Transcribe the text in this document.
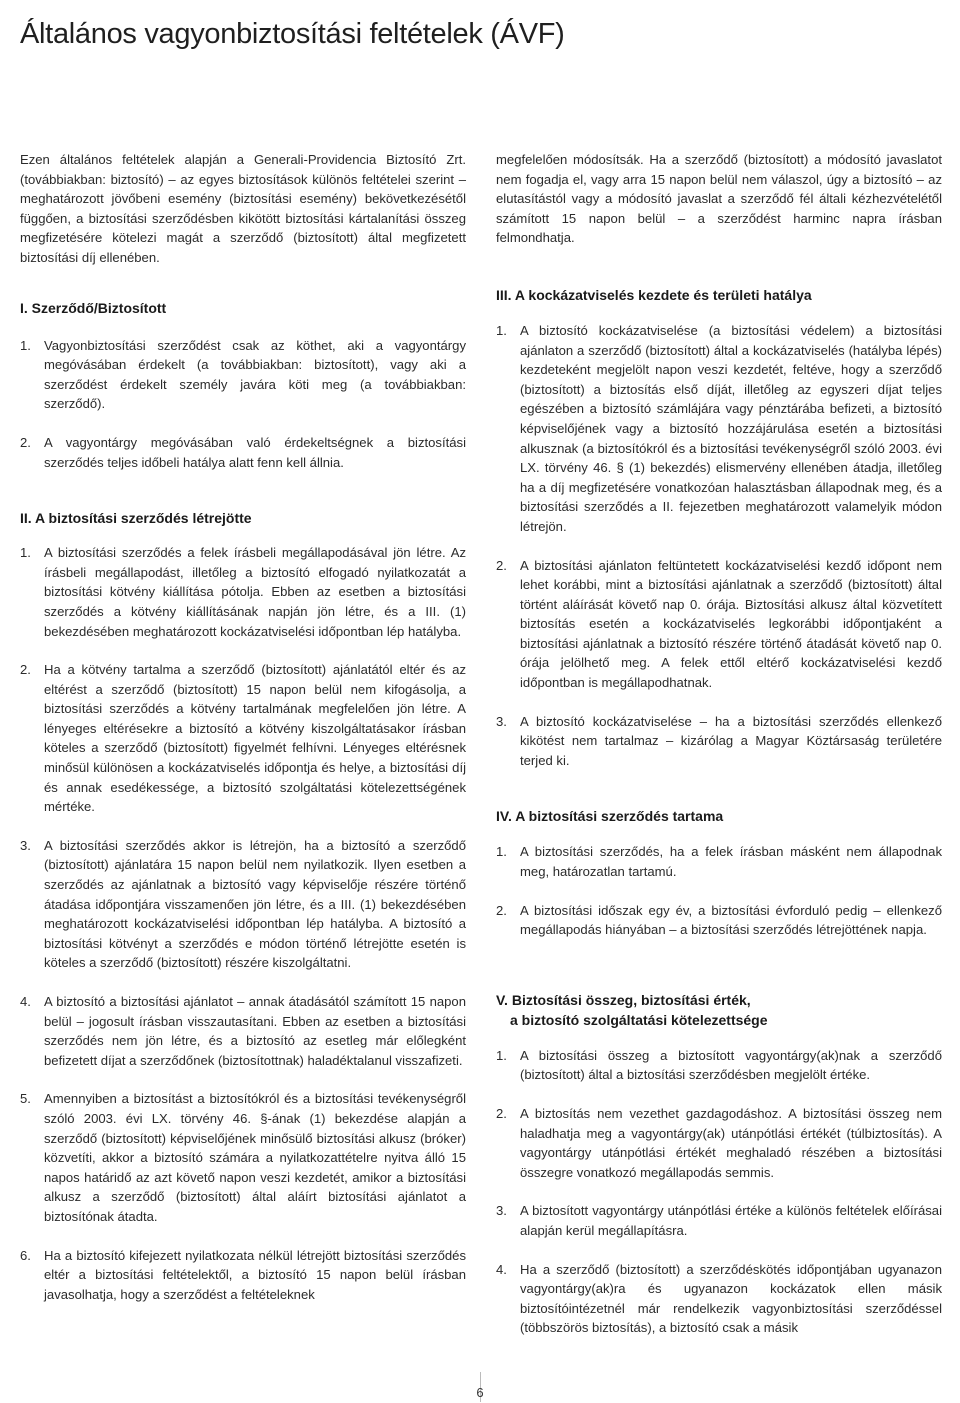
Általános vagyonbiztosítási feltételek (ÁVF)

Ezen általános feltételek alapján a Generali-Providencia Biztosító Zrt. (továbbiakban: biztosító) – az egyes biztosítások különös feltételei szerint – meghatározott jövőbeni esemény (biztosítási esemény) bekövetkezésétől függően, a biztosítási szerződésben kikötött biztosítási kártalanítási összeg megfizetésére kötelezi magát a szerződő (biztosított) által megfizetett biztosítási díj ellenében.

I. Szerződő/Biztosított
1. Vagyonbiztosítási szerződést csak az köthet, aki a vagyontárgy megóvásában érdekelt (a továbbiakban: biztosított), vagy aki a szerződést érdekelt személy javára köti meg (a továbbiakban: szerződő).

2. A vagyontárgy megóvásában való érdekeltségnek a biztosítási szerződés teljes időbeli hatálya alatt fenn kell állnia.

II. A biztosítási szerződés létrejötte
1. A biztosítási szerződés a felek írásbeli megállapodásával jön létre. Az írásbeli megállapodást, illetőleg a biztosító elfogadó nyilatkozatát a biztosítási kötvény kiállítása pótolja. Ebben az esetben a biztosítási szerződés a kötvény kiállításának napján jön létre, és a III. (1) bekezdésében meghatározott kockázatviselési időpontban lép hatályba.

2. Ha a kötvény tartalma a szerződő (biztosított) ajánlatától eltér és az eltérést a szerződő (biztosított) 15 napon belül nem kifogásolja, a biztosítási szerződés a kötvény tartalmának megfelelően jön létre. A lényeges eltérésekre a biztosító a kötvény kiszolgáltatásakor írásban köteles a szerződő (biztosított) figyelmét felhívni. Lényeges eltérésnek minősül különösen a kockázatviselés időpontja és helye, a biztosítási díj és annak esedékessége, a biztosító szolgáltatási kötelezettségének mértéke.

3. A biztosítási szerződés akkor is létrejön, ha a biztosító a szerződő (biztosított) ajánlatára 15 napon belül nem nyilatkozik. Ilyen esetben a szerződés az ajánlatnak a biztosító vagy képviselője részére történő átadása időpontjára visszamenően jön létre, és a III. (1) bekezdésében meghatározott kockázatviselési időpontban lép hatályba. A biztosító a biztosítási kötvényt a szerződés e módon történő létrejötte esetén is köteles a szerződő (biztosított) részére kiszolgáltatni.

4. A biztosító a biztosítási ajánlatot – annak átadásától számított 15 napon belül – jogosult írásban visszautasítani. Ebben az esetben a biztosítási szerződés nem jön létre, és a biztosító az esetleg már előlegként befizetett díjat a szerződőnek (biztosítottnak) haladéktalanul visszafizeti.

5. Amennyiben a biztosítást a biztosítókról és a biztosítási tevékenységről szóló 2003. évi LX. törvény 46. §-ának (1) bekezdése alapján a szerződő (biztosított) képviselőjének minősülő biztosítási alkusz (bróker) közvetíti, akkor a biztosító számára a nyilatkozattételre nyitva álló 15 napos határidő az azt követő napon veszi kezdetét, amikor a biztosítási alkusz a szerződő (biztosított) által aláírt biztosítási ajánlatot a biztosítónak átadta.

6. Ha a biztosító kifejezett nyilatkozata nélkül létrejött biztosítási szerződés eltér a biztosítási feltételektől, a biztosító 15 napon belül írásban javasolhatja, hogy a szerződést a feltételeknek

megfelelően módosítsák. Ha a szerződő (biztosított) a módosító javaslatot nem fogadja el, vagy arra 15 napon belül nem válaszol, úgy a biztosító – az elutasítástól vagy a módosító javaslat a szerződő fél általi kézhezvételétől számított 15 napon belül – a szerződést harminc napra írásban felmondhatja.

III. A kockázatviselés kezdete és területi hatálya
1. A biztosító kockázatviselése (a biztosítási védelem) a biztosítási ajánlaton a szerződő (biztosított) által a kockázatviselés (hatályba lépés) kezdeteként megjelölt napon veszi kezdetét, feltéve, hogy a szerződő (biztosított) a biztosítás első díját, illetőleg az egyszeri díjat teljes egészében a biztosító számlájára vagy pénztárába befizeti, a biztosító képviselőjének vagy a biztosító hozzájárulása esetén a biztosítási alkusznak (a biztosítókról és a biztosítási tevékenységről szóló 2003. évi LX. törvény 46. § (1) bekezdés) elismervény ellenében átadja, illetőleg ha a díj megfizetésére vonatkozóan halasztásban állapodnak meg, és a biztosítási szerződés a II. fejezetben meghatározott valamelyik módon létrejön.

2. A biztosítási ajánlaton feltüntetett kockázatviselési kezdő időpont nem lehet korábbi, mint a biztosítási ajánlatnak a szerződő (biztosított) által történt aláírását követő nap 0. órája. Biztosítási alkusz által közvetített biztosítás esetén a kockázatviselés legkorábbi időpontjaként a biztosítási ajánlatnak a biztosító részére történő átadását követő nap 0. órája jelölhető meg. A felek ettől eltérő kockázatviselési kezdő időpontban is megállapodhatnak.

3. A biztosító kockázatviselése – ha a biztosítási szerződés ellenkező kikötést nem tartalmaz – kizárólag a Magyar Köztársaság területére terjed ki.

IV. A biztosítási szerződés tartama
1. A biztosítási szerződés, ha a felek írásban másként nem állapodnak meg, határozatlan tartamú.

2. A biztosítási időszak egy év, a biztosítási évforduló pedig – ellenkező megállapodás hiányában – a biztosítási szerződés létrejöttének napja.

V. Biztosítási összeg, biztosítási érték,

a biztosító szolgáltatási kötelezettsége
1. A biztosítási összeg a biztosított vagyontárgy(ak)nak a szerződő (biztosított) által a biztosítási szerződésben megjelölt értéke.

2. A biztosítás nem vezethet gazdagodáshoz. A biztosítási összeg nem haladhatja meg a vagyontárgy(ak) utánpótlási értékét (túlbiztosítás). A vagyontárgy utánpótlási értékét meghaladó részében a biztosítási összegre vonatkozó megállapodás semmis.

3. A biztosított vagyontárgy utánpótlási értéke a különös feltételek előírásai alapján kerül megállapításra.

4. Ha a szerződő (biztosított) a szerződéskötés időpontjában ugyanazon vagyontárgy(ak)ra és ugyanazon kockázatok ellen másik biztosítóintézetnél már rendelkezik vagyonbiztosítási szerződéssel (többszörös biztosítás), a biztosító csak a másik

6
